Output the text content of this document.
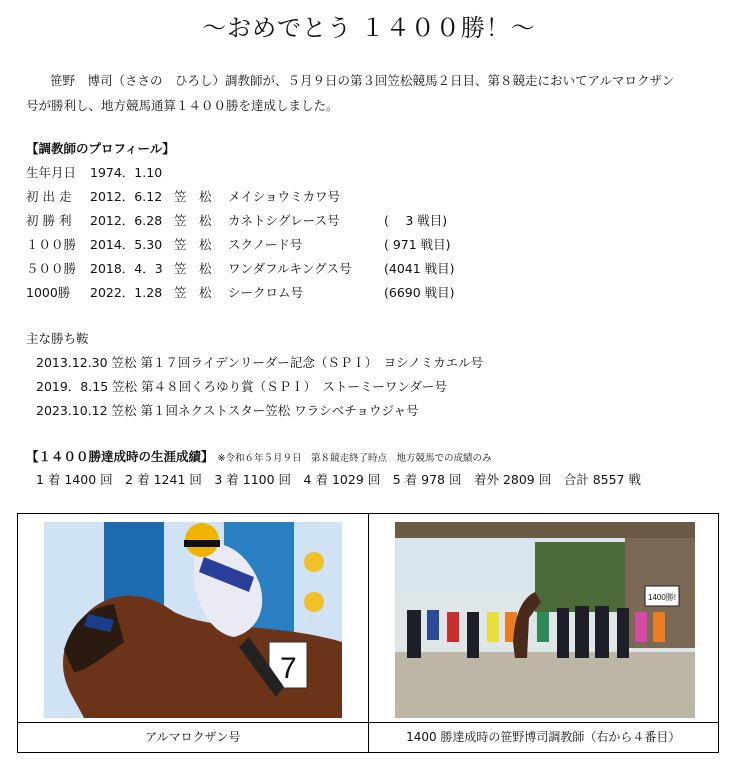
～おめでとう １４００勝！～
笹野　博司（ささの　ひろし）調教師が、５月９日の第３回笠松競馬２日目、第８競走においてアルマロクザン
号が勝利し、地方競馬通算１４００勝を達成しました。
【調教師のプロフィール】
生年月日 1974．1.10
初 出 走 2012．6.12 笠　松 メイショウミカワ号
初 勝 利 2012．6.28 笠　松 カネトシグレース号	(　 3 戦目)
１００勝 2014．5.30 笠　松 スクノード号	( 971 戦目)
５００勝 2018．4．3 笠　松 ワンダフルキングス号	(4041 戦目)
1000勝 2022．1.28 笠　松 シークロム号	(6690 戦目)
主な勝ち鞍
2013.12.30 笠松 第１７回ライデンリーダー記念（ＳＰＩ）　ヨシノミカエル号
2019．8.15 笠松 第４８回くろゆり賞（ＳＰＩ）　ストーミーワンダー号
2023.10.12 笠松 第１回ネクストスター笠松 ワラシベチョウジャ号
【１４００勝達成時の生涯成績】 ※令和６年５月９日　第８競走終了時点　地方競馬での成績のみ
1 着 1400 回　2 着 1241 回　3 着 1100 回　4 着 1029 回　5 着 978 回　着外 2809 回　合計 8557 戦
7
アルマロクザン号

1400勝!
1400 勝達成時の笹野博司調教師（右から４番目）
